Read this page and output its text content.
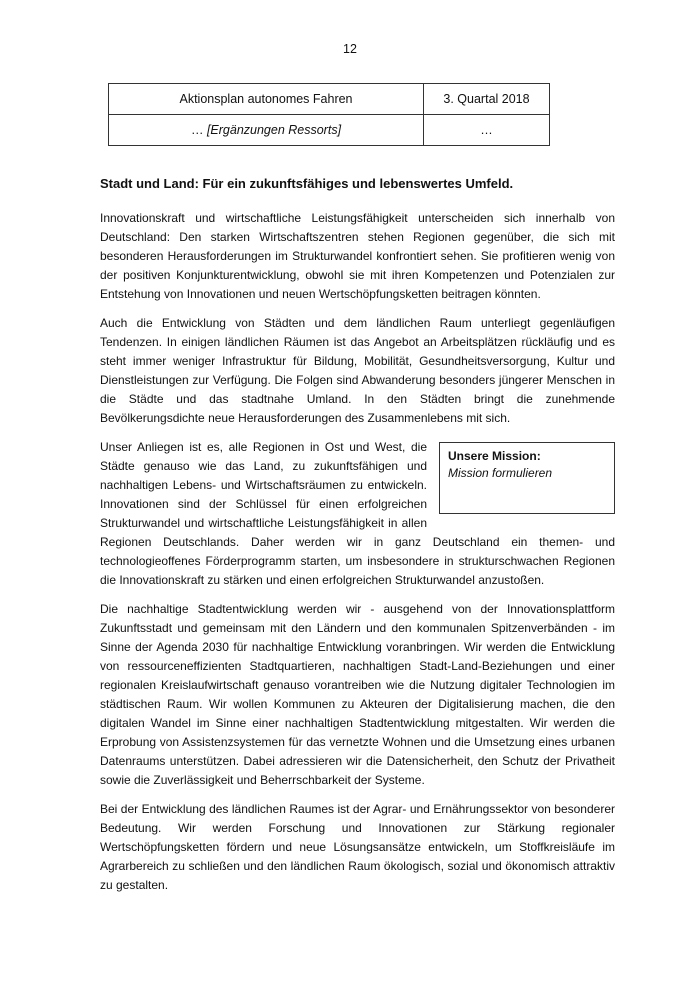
12
Aktionsplan autonomes Fahren	3. Quartal 2018
… [Ergänzungen Ressorts]	…
Stadt und Land: Für ein zukunftsfähiges und lebenswertes Umfeld.

Innovationskraft und wirtschaftliche Leistungsfähigkeit unterscheiden sich innerhalb von Deutschland: Den starken Wirtschaftszentren stehen Regionen gegenüber, die sich mit besonderen Herausforderungen im Strukturwandel konfrontiert sehen. Sie profitieren wenig von der positiven Konjunkturentwicklung, obwohl sie mit ihren Kompetenzen und Potenzialen zur Entstehung von Innovationen und neuen Wertschöpfungsketten beitragen könnten.

Auch die Entwicklung von Städten und dem ländlichen Raum unterliegt gegenläufigen Tendenzen. In einigen ländlichen Räumen ist das Angebot an Arbeitsplätzen rückläufig und es steht immer weniger Infrastruktur für Bildung, Mobilität, Gesundheitsversorgung, Kultur und Dienstleistungen zur Verfügung. Die Folgen sind Abwanderung besonders jüngerer Menschen in die Städte und das stadtnahe Umland. In den Städten bringt die zunehmende Bevölkerungsdichte neue Herausforderungen des Zusammenlebens mit sich.

Unsere Mission:
Mission formulieren

Unser Anliegen ist es, alle Regionen in Ost und West, die Städte genauso wie das Land, zu zukunftsfähigen und nachhaltigen Lebens- und Wirtschaftsräumen zu entwickeln. Innovationen sind der Schlüssel für einen erfolgreichen Strukturwandel und wirtschaftliche Leistungsfähigkeit in allen Regionen Deutschlands. Daher werden wir in ganz Deutschland ein themen- und technologieoffenes Förderprogramm starten, um insbesondere in strukturschwachen Regionen die Innovationskraft zu stärken und einen erfolgreichen Strukturwandel anzustoßen.

Die nachhaltige Stadtentwicklung werden wir - ausgehend von der Innovationsplattform Zukunftsstadt und gemeinsam mit den Ländern und den kommunalen Spitzenverbänden - im Sinne der Agenda 2030 für nachhaltige Entwicklung voranbringen. Wir werden die Entwicklung von ressourceneffizienten Stadtquartieren, nachhaltigen Stadt-Land-Beziehungen und einer regionalen Kreislaufwirtschaft genauso vorantreiben wie die Nutzung digitaler Technologien im städtischen Raum. Wir wollen Kommunen zu Akteuren der Digitalisierung machen, die den digitalen Wandel im Sinne einer nachhaltigen Stadtentwicklung mitgestalten. Wir werden die Erprobung von Assistenzsystemen für das vernetzte Wohnen und die Umsetzung eines urbanen Datenraums unterstützen. Dabei adressieren wir die Datensicherheit, den Schutz der Privatheit sowie die Zuverlässigkeit und Beherrschbarkeit der Systeme.

Bei der Entwicklung des ländlichen Raumes ist der Agrar- und Ernährungssektor von besonderer Bedeutung. Wir werden Forschung und Innovationen zur Stärkung regionaler Wertschöpfungsketten fördern und neue Lösungsansätze entwickeln, um Stoffkreisläufe im Agrarbereich zu schließen und den ländlichen Raum ökologisch, sozial und ökonomisch attraktiv zu gestalten.
